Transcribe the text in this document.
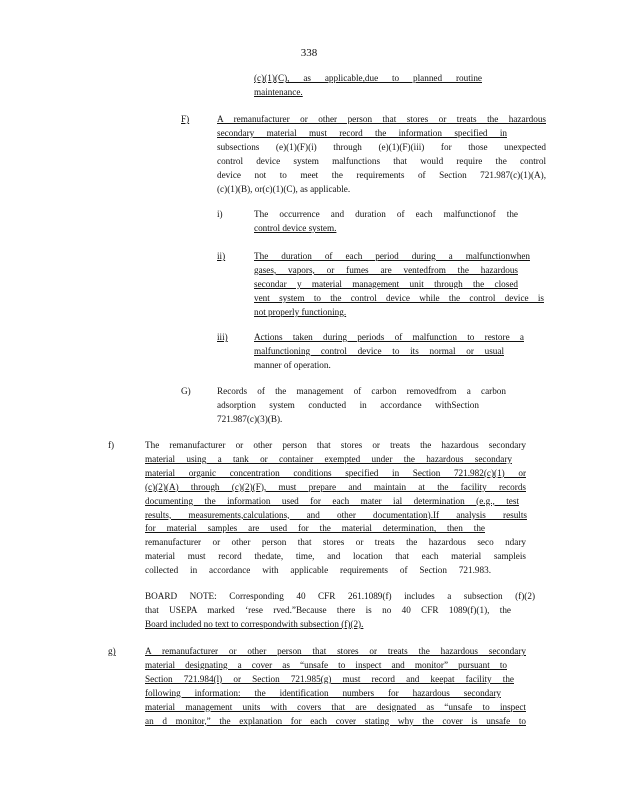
338

(c)(1)(C), as applicable,due to planned routine

maintenance.

F)	A remanufacturer or other person that stores or treats the hazardous

secondary material must record the information specified in

subsections (e)(1)(F)(i) through (e)(1)(F)(iii) for those unexpected

control device system malfunctions that would require the control

device not to meet the requirements of Section 721.987(c)(1)(A),

(c)(1)(B), or(c)(1)(C), as applicable.

i)	The occurrence and duration of each malfunctionof the

control device system.

ii)	The duration of each period during a malfunctionwhen

gases, vapors, or fumes are ventedfrom the hazardous

secondar y material management unit through the closed

vent system to the control device while the control device is

not properly functioning.

iii)	Actions taken during periods of malfunction to restore a

malfunctioning control device to its normal or usual

manner of operation.

G)	Records of the management of carbon removedfrom a carbon

adsorption system conducted in accordance withSection

721.987(c)(3)(B).

f)	The remanufacturer or other person that stores or treats the hazardous secondary

material using a tank or container exempted under the hazardous secondary

material organic concentration conditions specified in Section 721.982(c)(1) or

(c)(2)(A) through (c)(2)(F), must prepare and maintain at the facility records

documenting the information used for each mater ial determination (e.g., test

results, measurements,calculations, and other documentation).If analysis results

for material samples are used for the material determination, then the

remanufacturer or other person that stores or treats the hazardous seco ndary

material must record thedate, time, and location that each material sampleis

collected in accordance with applicable requirements of Section 721.983.

BOARD NOTE: Corresponding 40 CFR 261.1089(f) includes a subsection (f)(2)

that USEPA marked ‘rese rved.”Because there is no 40 CFR 1089(f)(1), the

Board included no text to correspondwith subsection (f)(2).

g)	A remanufacturer or other person that stores or treats the hazardous secondary

material designating a cover as “unsafe to inspect and monitor” pursuant to

Section 721.984(l) or Section 721.985(g) must record and keepat facility the

following information: the identification numbers for hazardous secondary

material management units with covers that are designated as “unsafe to inspect

an d monitor,” the explanation for each cover stating why the cover is unsafe to
